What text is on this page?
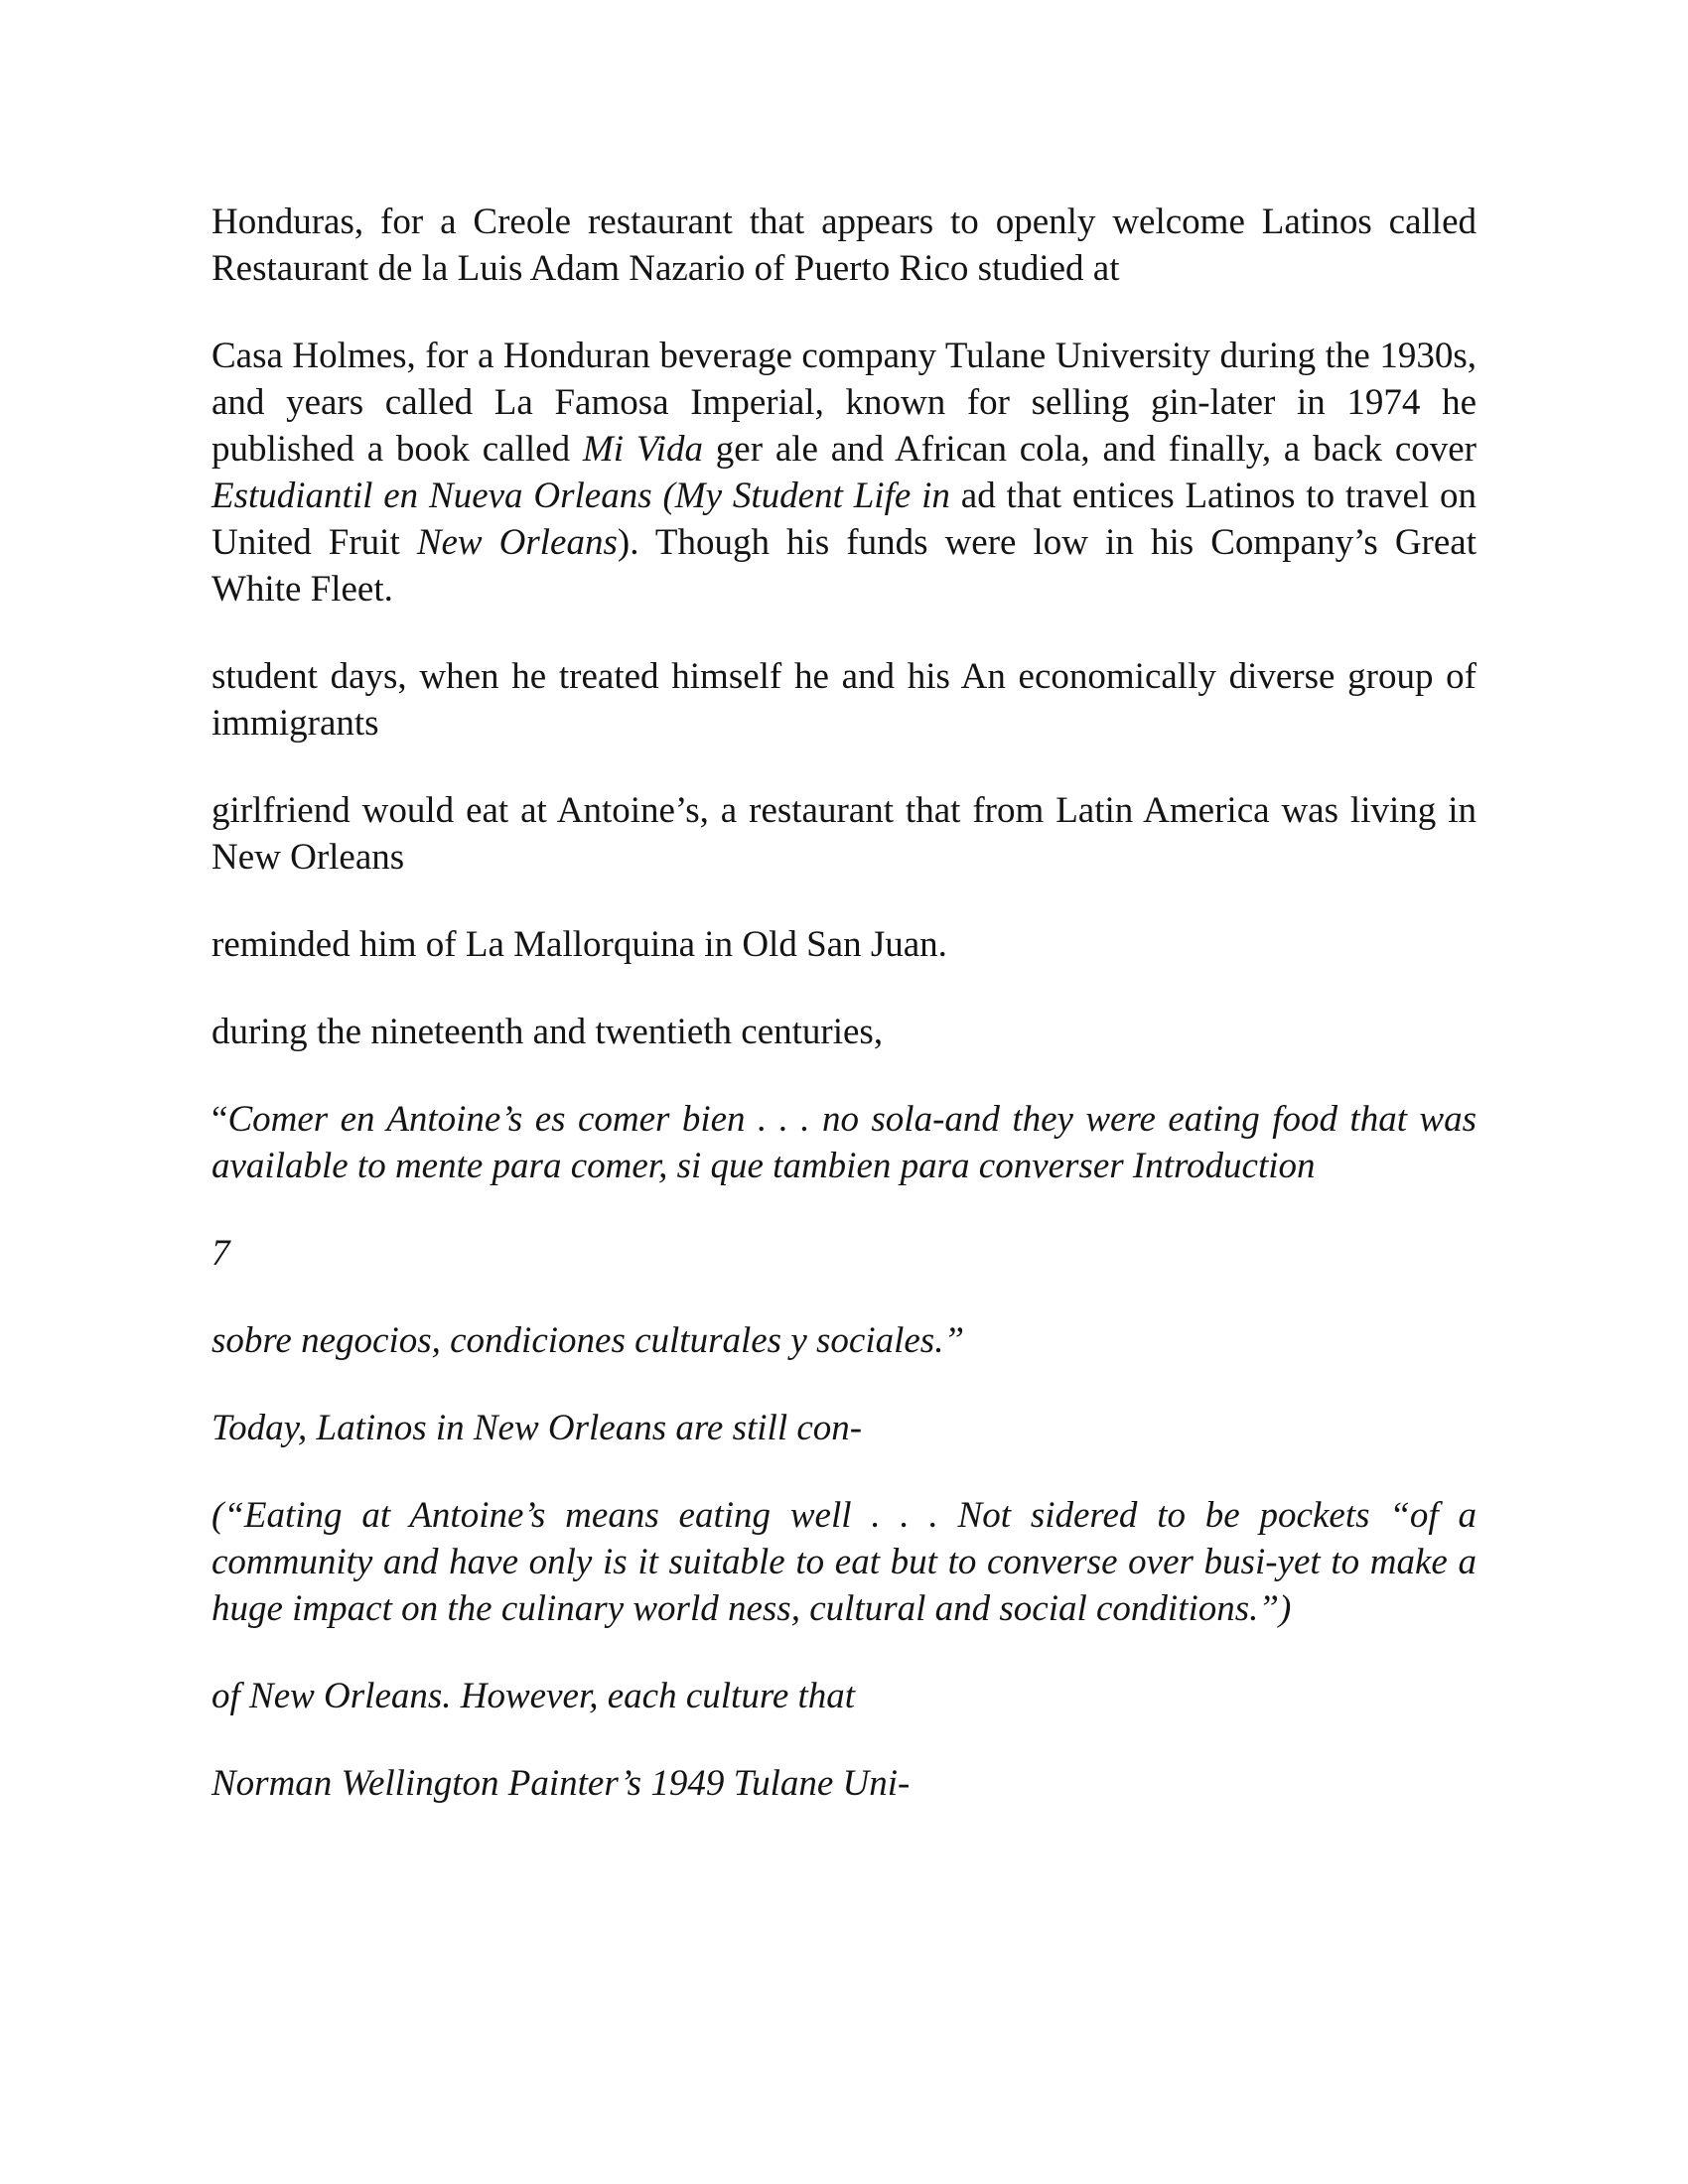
Honduras, for a Creole restaurant that appears to openly welcome Latinos called Restaurant de la Luis Adam Nazario of Puerto Rico studied at

Casa Holmes, for a Honduran beverage company Tulane University during the 1930s, and years called La Famosa Imperial, known for selling gin-later in 1974 he published a book called Mi Vida ger ale and African cola, and finally, a back cover Estudiantil en Nueva Orleans (My Student Life in ad that entices Latinos to travel on United Fruit New Orleans). Though his funds were low in his Company’s Great White Fleet.

student days, when he treated himself he and his An economically diverse group of immigrants

girlfriend would eat at Antoine’s, a restaurant that from Latin America was living in New Orleans

reminded him of La Mallorquina in Old San Juan.

during the nineteenth and twentieth centuries,

“Comer en Antoine’s es comer bien . . . no sola-and they were eating food that was available to mente para comer, si que tambien para converser Introduction

7

sobre negocios, condiciones culturales y sociales.”

Today, Latinos in New Orleans are still con-

(“Eating at Antoine’s means eating well . . . Not sidered to be pockets “of a community and have only is it suitable to eat but to converse over busi-yet to make a huge impact on the culinary world ness, cultural and social conditions.”)

of New Orleans. However, each culture that

Norman Wellington Painter’s 1949 Tulane Uni-
